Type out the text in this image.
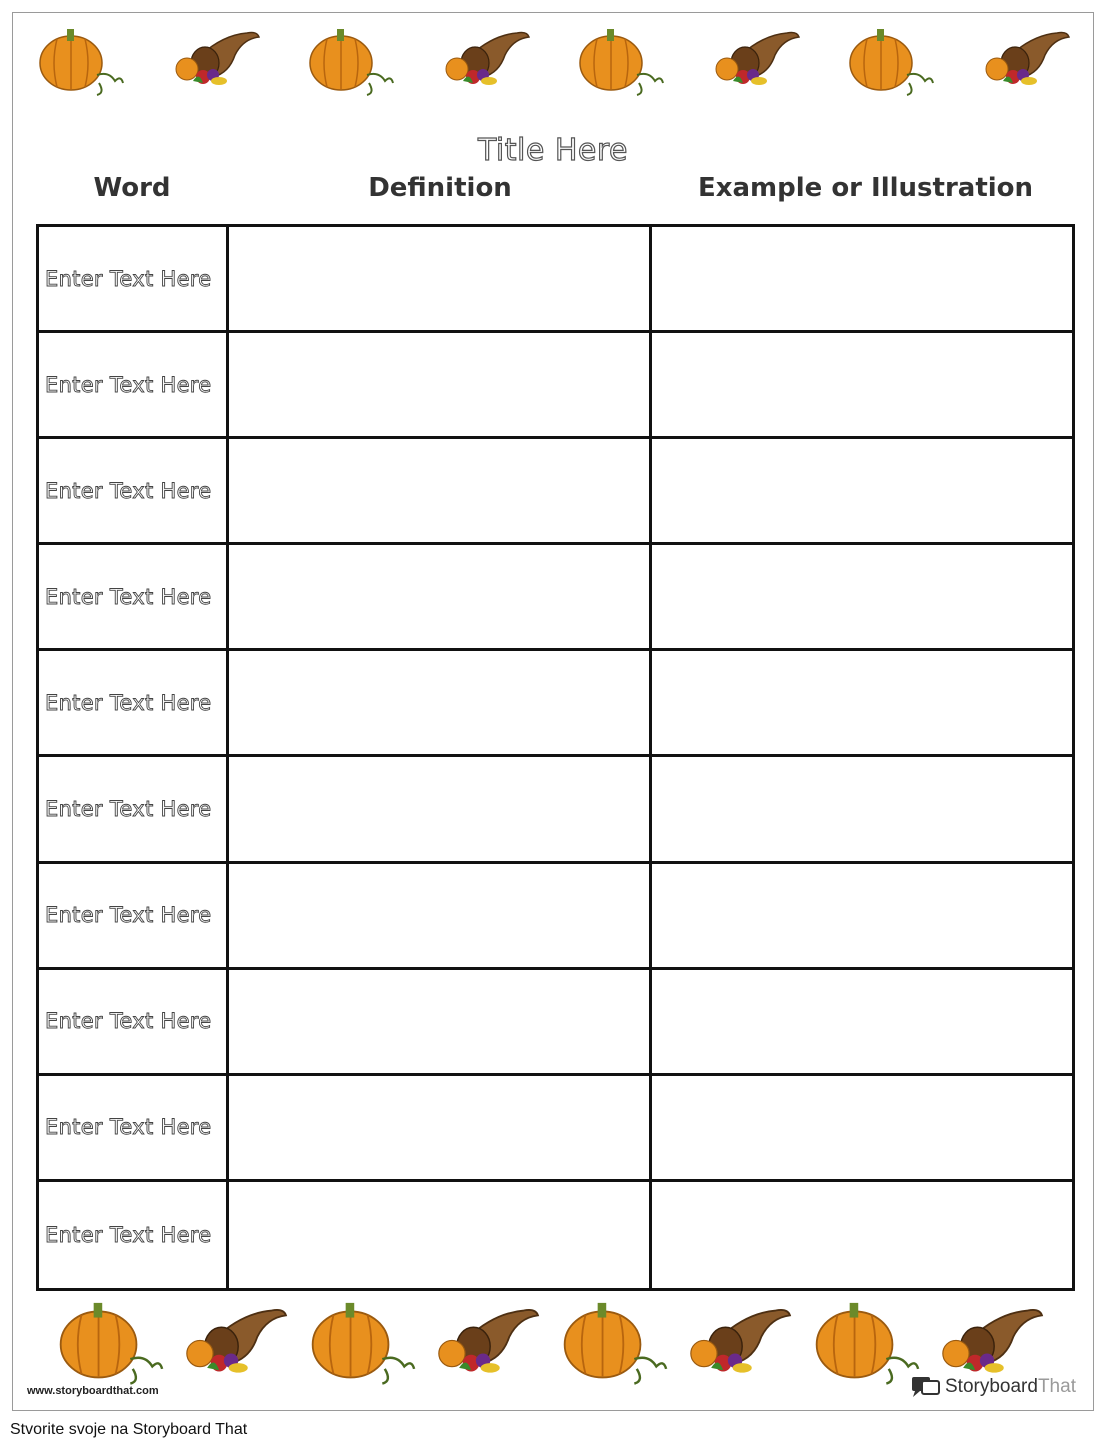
Title Here
Word	Definition	Example or Illustration
Enter Text Here
Enter Text Here
Enter Text Here
Enter Text Here
Enter Text Here
Enter Text Here
Enter Text Here
Enter Text Here
Enter Text Here
Enter Text Here
www.storyboardthat.com	StoryboardThat
Stvorite svoje na Storyboard That
